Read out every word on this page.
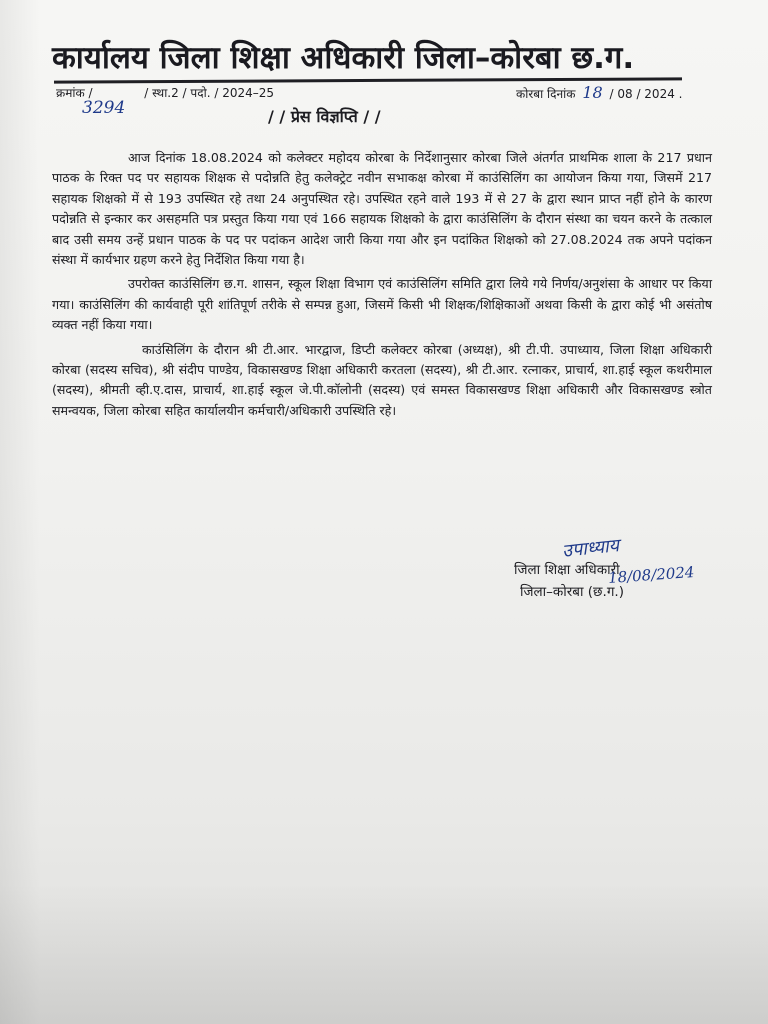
कार्यालय जिला शिक्षा अधिकारी जिला–कोरबा छ.ग.
क्रमांक /	/ स्था.2 / पदो. / 2024–25
3294
कोरबा दिनांक 18 / 08 / 2024 .
/ / प्रेस विज्ञप्ति / /

आज दिनांक 18.08.2024 को कलेक्टर महोदय कोरबा के निर्देशानुसार कोरबा जिले अंतर्गत प्राथमिक शाला के 217 प्रधान पाठक के रिक्त पद पर सहायक शिक्षक से पदोन्नति हेतु कलेक्ट्रेट नवीन सभाकक्ष कोरबा में काउंसिलिंग का आयोजन किया गया, जिसमें 217 सहायक शिक्षको में से 193 उपस्थित रहे तथा 24 अनुपस्थित रहे। उपस्थित रहने वाले 193 में से 27 के द्वारा स्थान प्राप्त नहीं होने के कारण पदोन्नति से इन्कार कर असहमति पत्र प्रस्तुत किया गया एवं 166 सहायक शिक्षको के द्वारा काउंसिलिंग के दौरान संस्था का चयन करने के तत्काल बाद उसी समय उन्हें प्रधान पाठक के पद पर पदांकन आदेश जारी किया गया और इन पदांकित शिक्षको को 27.08.2024 तक अपने पदांकन संस्था में कार्यभार ग्रहण करने हेतु निर्देशित किया गया है।

उपरोक्त काउंसिलिंग छ.ग. शासन, स्कूल शिक्षा विभाग एवं काउंसिलिंग समिति द्वारा लिये गये निर्णय/अनुशंसा के आधार पर किया गया। काउंसिलिंग की कार्यवाही पूरी शांतिपूर्ण तरीके से सम्पन्न हुआ, जिसमें किसी भी शिक्षक/शिक्षिकाओं अथवा किसी के द्वारा कोई भी असंतोष व्यक्त नहीं किया गया।

काउंसिलिंग के दौरान श्री टी.आर. भारद्वाज, डिप्टी कलेक्टर कोरबा (अध्यक्ष), श्री टी.पी. उपाध्याय, जिला शिक्षा अधिकारी कोरबा (सदस्य सचिव), श्री संदीप पाण्डेय, विकासखण्ड शिक्षा अधिकारी करतला (सदस्य), श्री टी.आर. रत्नाकर, प्राचार्य, शा.हाई स्कूल कथरीमाल (सदस्य), श्रीमती व्ही.ए.दास, प्राचार्य, शा.हाई स्कूल जे.पी.कॉलोनी (सदस्य) एवं समस्त विकासखण्ड शिक्षा अधिकारी और विकासखण्ड स्त्रोत समन्वयक, जिला कोरबा सहित कार्यालयीन कर्मचारी/अधिकारी उपस्थिति रहे।

उपाध्याय
जिला शिक्षा अधिकारी
18/08/2024
जिला–कोरबा (छ.ग.)
